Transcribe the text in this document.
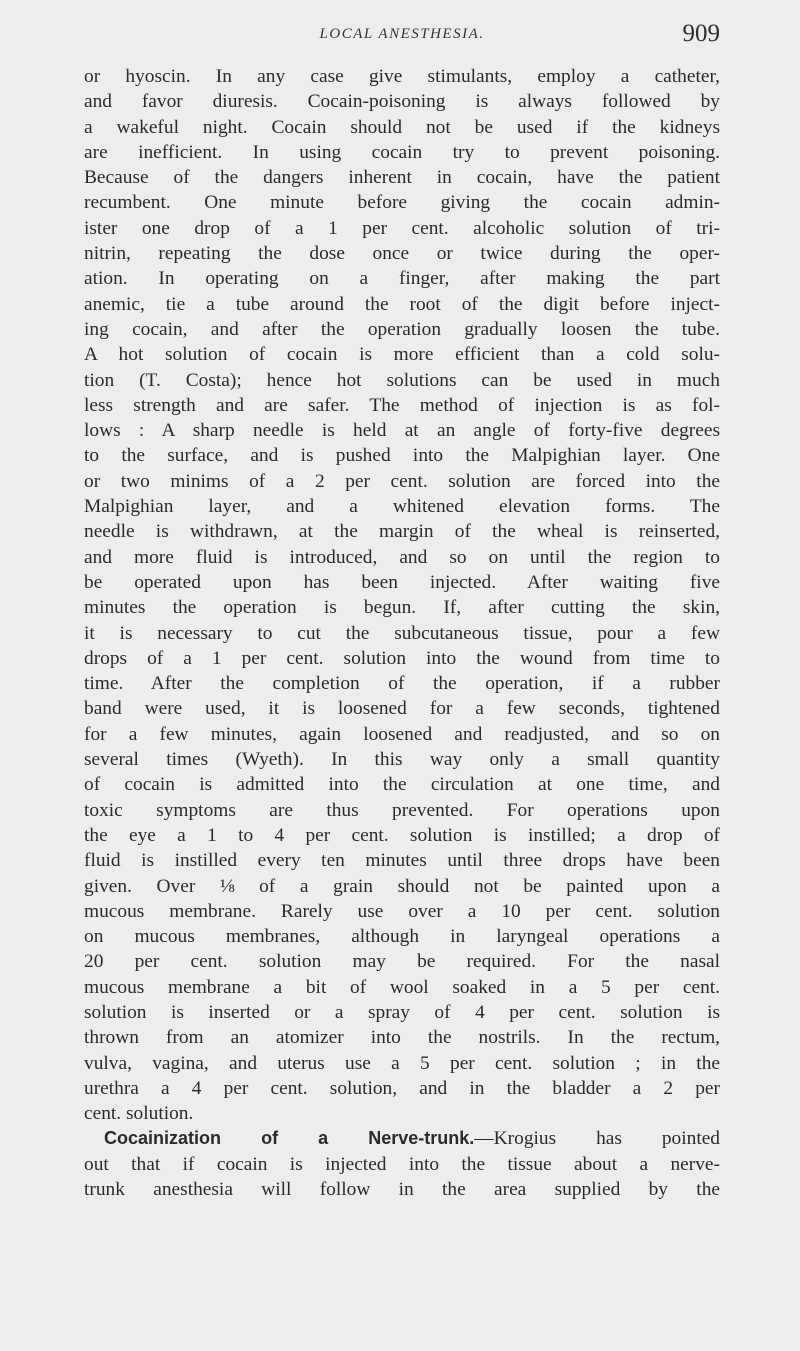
LOCAL ANESTHESIA.	909
or hyoscin. In any case give stimulants, employ a catheter,
and favor diuresis. Cocain-poisoning is always followed by
a wakeful night. Cocain should not be used if the kidneys
are inefficient. In using cocain try to prevent poisoning.
Because of the dangers inherent in cocain, have the patient
recumbent. One minute before giving the cocain admin-
ister one drop of a 1 per cent. alcoholic solution of tri-
nitrin, repeating the dose once or twice during the oper-
ation. In operating on a finger, after making the part
anemic, tie a tube around the root of the digit before inject-
ing cocain, and after the operation gradually loosen the tube.
A hot solution of cocain is more efficient than a cold solu-
tion (T. Costa); hence hot solutions can be used in much
less strength and are safer. The method of injection is as fol-
lows : A sharp needle is held at an angle of forty-five degrees
to the surface, and is pushed into the Malpighian layer. One
or two minims of a 2 per cent. solution are forced into the
Malpighian layer, and a whitened elevation forms. The
needle is withdrawn, at the margin of the wheal is reinserted,
and more fluid is introduced, and so on until the region to
be operated upon has been injected. After waiting five
minutes the operation is begun. If, after cutting the skin,
it is necessary to cut the subcutaneous tissue, pour a few
drops of a 1 per cent. solution into the wound from time to
time. After the completion of the operation, if a rubber
band were used, it is loosened for a few seconds, tightened
for a few minutes, again loosened and readjusted, and so on
several times (Wyeth). In this way only a small quantity
of cocain is admitted into the circulation at one time, and
toxic symptoms are thus prevented. For operations upon
the eye a 1 to 4 per cent. solution is instilled; a drop of
fluid is instilled every ten minutes until three drops have been
given. Over ⅛ of a grain should not be painted upon a
mucous membrane. Rarely use over a 10 per cent. solution
on mucous membranes, although in laryngeal operations a
20 per cent. solution may be required. For the nasal
mucous membrane a bit of wool soaked in a 5 per cent.
solution is inserted or a spray of 4 per cent. solution is
thrown from an atomizer into the nostrils. In the rectum,
vulva, vagina, and uterus use a 5 per cent. solution ; in the
urethra a 4 per cent. solution, and in the bladder a 2 per
cent. solution.
Cocainization of a Nerve-trunk.—Krogius has pointed
out that if cocain is injected into the tissue about a nerve-
trunk anesthesia will follow in the area supplied by the
